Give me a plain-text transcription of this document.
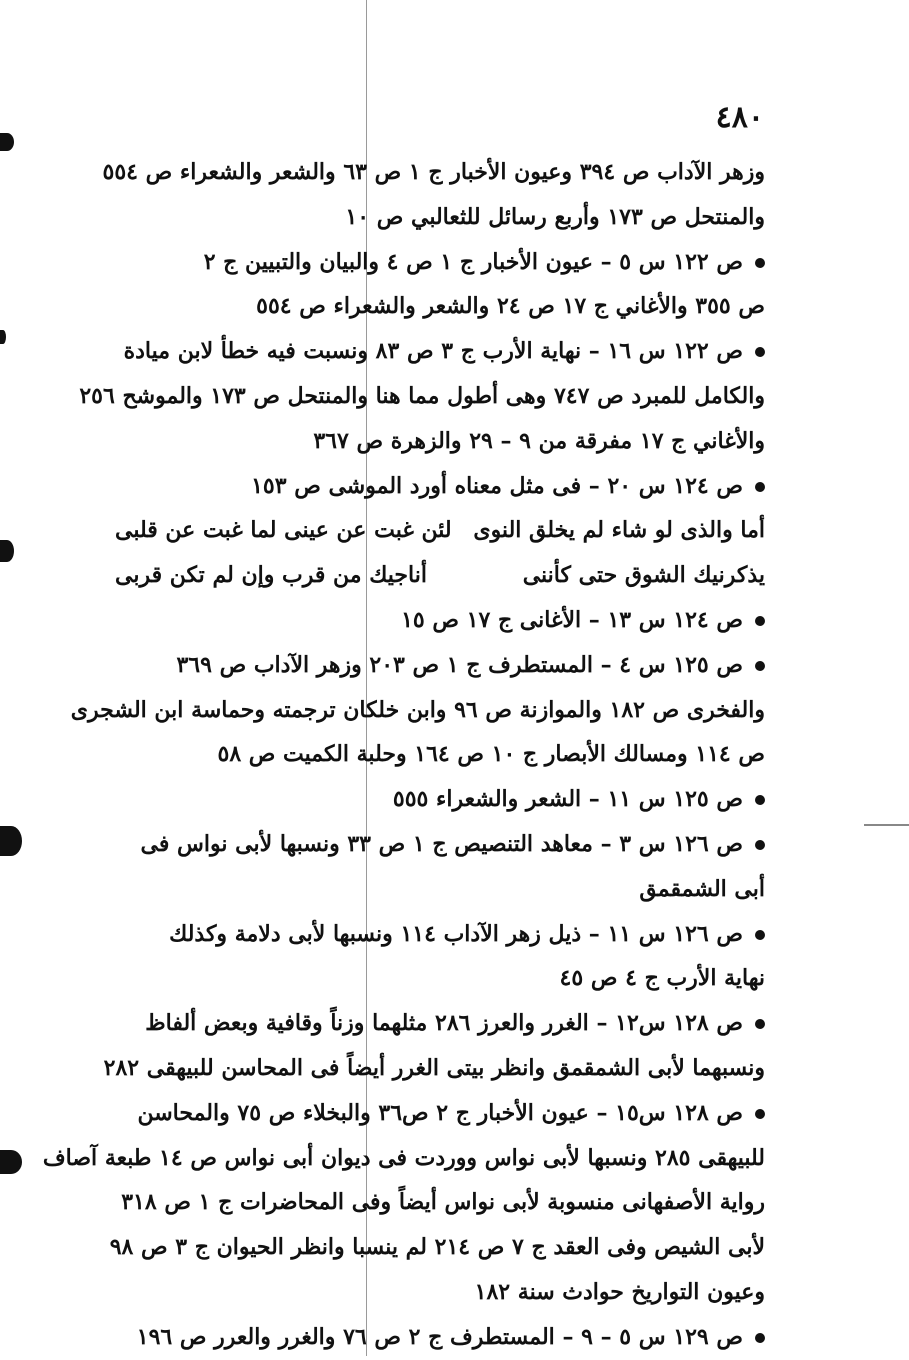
٤٨٠
وزهر الآداب ص ٣٩٤ وعيون الأخبار ج ١ ص ٦٣ والشعر والشعراء ص ٥٥٤
والمنتحل ص ١٧٣ وأربع رسائل للثعالبي ص ١٠
ص ١٢٢ س ٥ – عيون الأخبار ج ١ ص ٤ والبيان والتبيين ج ٢
ص ٣٥٥ والأغاني ج ١٧ ص ٢٤ والشعر والشعراء ص ٥٥٤
ص ١٢٢ س ١٦ – نهاية الأرب ج ٣ ص ٨٣ ونسبت فيه خطأ لابن ميادة
والكامل للمبرد ص ٧٤٧ وهى أطول مما هنا والمنتحل ص ١٧٣ والموشح ٢٥٦
والأغاني ج ١٧ مفرقة من ٩ – ٢٩ والزهرة ص ٣٦٧
ص ١٢٤ س ٢٠ – فى مثل معناه أورد الموشى ص ١٥٣
أما والذى لو شاء لم يخلق النوى
لئن غبت عن عينى لما غبت عن قلبى
يذكرنيك الشوق حتى كأننى
أناجيك من قرب وإن لم تكن قربى
ص ١٢٤ س ١٣ – الأغانى ج ١٧ ص ١٥
ص ١٢٥ س ٤ – المستطرف ج ١ ص ٢٠٣ وزهر الآداب ص ٣٦٩
والفخرى ص ١٨٢ والموازنة ص ٩٦ وابن خلكان ترجمته وحماسة ابن الشجرى
ص ١١٤ ومسالك الأبصار ج ١٠ ص ١٦٤ وحلبة الكميت ص ٥٨
ص ١٢٥ س ١١ – الشعر والشعراء ٥٥٥
ص ١٢٦ س ٣ – معاهد التنصيص ج ١ ص ٣٣ ونسبها لأبى نواس فى
أبى الشمقمق
ص ١٢٦ س ١١ – ذيل زهر الآداب ١١٤ ونسبها لأبى دلامة وكذلك
نهاية الأرب ج ٤ ص ٤٥
ص ١٢٨ س١٢ – الغرر والعرز ٢٨٦ مثلهما وزناً وقافية وبعض ألفاظ
ونسبهما لأبى الشمقمق وانظر بيتى الغرر أيضاً فى المحاسن للبيهقى ٢٨٢
ص ١٢٨ س١٥ – عيون الأخبار ج ٢ ص٣٦ والبخلاء ص ٧٥ والمحاسن
للبيهقى ٢٨٥ ونسبها لأبى نواس ووردت فى ديوان أبى نواس ص ١٤ طبعة آصاف
رواية الأصفهانى منسوبة لأبى نواس أيضاً وفى المحاضرات ج ١ ص ٣١٨
لأبى الشيص وفى العقد ج ٧ ص ٢١٤ لم ينسبا وانظر الحيوان ج ٣ ص ٩٨
وعيون التواريخ حوادث سنة ١٨٢
ص ١٢٩ س ٥ – ٩ – المستطرف ج ٢ ص ٧٦ والغرر والعرر ص ١٩٦
